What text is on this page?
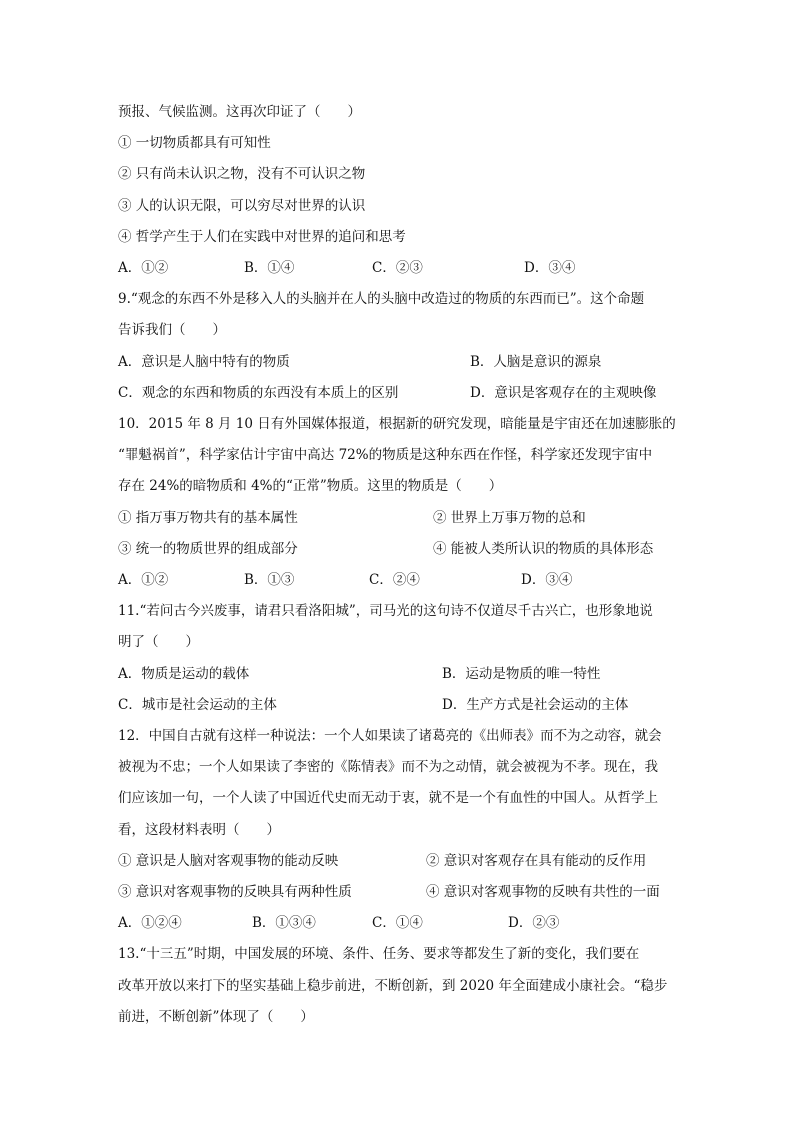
预报、气候监测。这再次印证了（　　）
① 一切物质都具有可知性
② 只有尚未认识之物，没有不可认识之物
③ 人的认识无限，可以穷尽对世界的认识
④ 哲学产生于人们在实践中对世界的追问和思考
A．①②	B．①④	C．②③	D．③④
9.“观念的东西不外是移入人的头脑并在人的头脑中改造过的物质的东西而已”。这个命题
告诉我们（　　）
A．意识是人脑中特有的物质	B．人脑是意识的源泉
C．观念的东西和物质的东西没有本质上的区别	D．意识是客观存在的主观映像
10．2015 年 8 月 10 日有外国媒体报道，根据新的研究发现，暗能量是宇宙还在加速膨胀的
“罪魁祸首”，科学家估计宇宙中高达 72%的物质是这种东西在作怪，科学家还发现宇宙中
存在 24%的暗物质和 4%的“正常”物质。这里的物质是（　　）
① 指万事万物共有的基本属性	② 世界上万事万物的总和
③ 统一的物质世界的组成部分	④ 能被人类所认识的物质的具体形态
A．①②	B．①③	C．②④	D．③④
11.“若问古今兴废事，请君只看洛阳城”，司马光的这句诗不仅道尽千古兴亡，也形象地说
明了（　　）
A．物质是运动的载体	B．运动是物质的唯一特性
C．城市是社会运动的主体	D．生产方式是社会运动的主体
12．中国自古就有这样一种说法：一个人如果读了诸葛亮的《出师表》而不为之动容，就会
被视为不忠；一个人如果读了李密的《陈情表》而不为之动情，就会被视为不孝。现在，我
们应该加一句，一个人读了中国近代史而无动于衷，就不是一个有血性的中国人。从哲学上
看，这段材料表明（　　）
① 意识是人脑对客观事物的能动反映	② 意识对客观存在具有能动的反作用
③ 意识对客观事物的反映具有两种性质	④ 意识对客观事物的反映有共性的一面
A．①②④	B．①③④	C．①④	D．②③
13.“十三五”时期，中国发展的环境、条件、任务、要求等都发生了新的变化，我们要在
改革开放以来打下的坚实基础上稳步前进，不断创新，到 2020 年全面建成小康社会。“稳步
前进，不断创新”体现了（　　）
